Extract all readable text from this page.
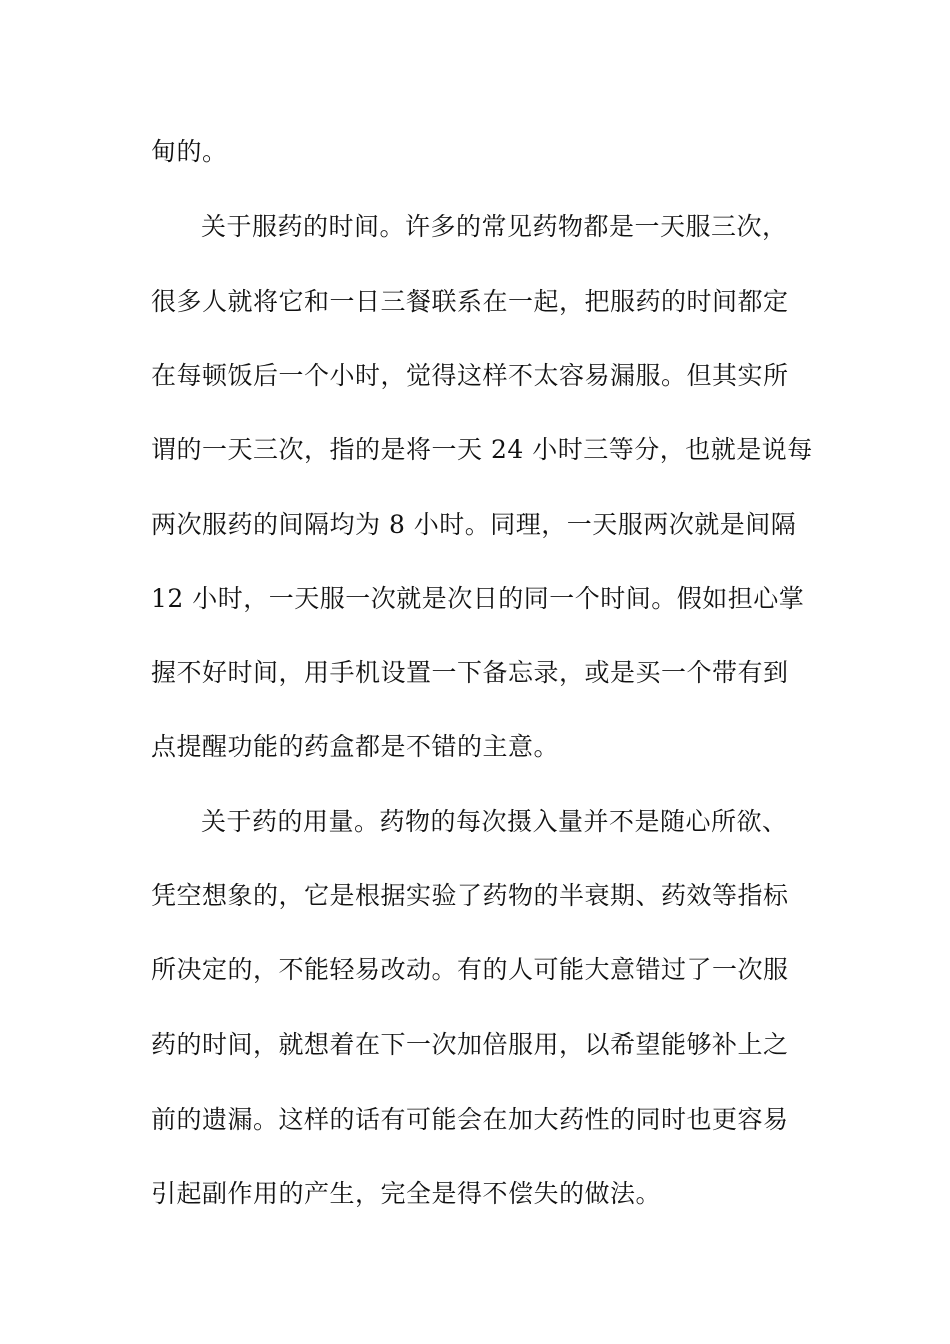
甸的。
关于服药的时间。许多的常见药物都是一天服三次，
很多人就将它和一日三餐联系在一起，把服药的时间都定
在每顿饭后一个小时，觉得这样不太容易漏服。但其实所
谓的一天三次，指的是将一天 24 小时三等分，也就是说每
两次服药的间隔均为 8 小时。同理，一天服两次就是间隔
12 小时，一天服一次就是次日的同一个时间。假如担心掌
握不好时间，用手机设置一下备忘录，或是买一个带有到
点提醒功能的药盒都是不错的主意。
关于药的用量。药物的每次摄入量并不是随心所欲、
凭空想象的，它是根据实验了药物的半衰期、药效等指标
所决定的，不能轻易改动。有的人可能大意错过了一次服
药的时间，就想着在下一次加倍服用，以希望能够补上之
前的遗漏。这样的话有可能会在加大药性的同时也更容易
引起副作用的产生，完全是得不偿失的做法。
